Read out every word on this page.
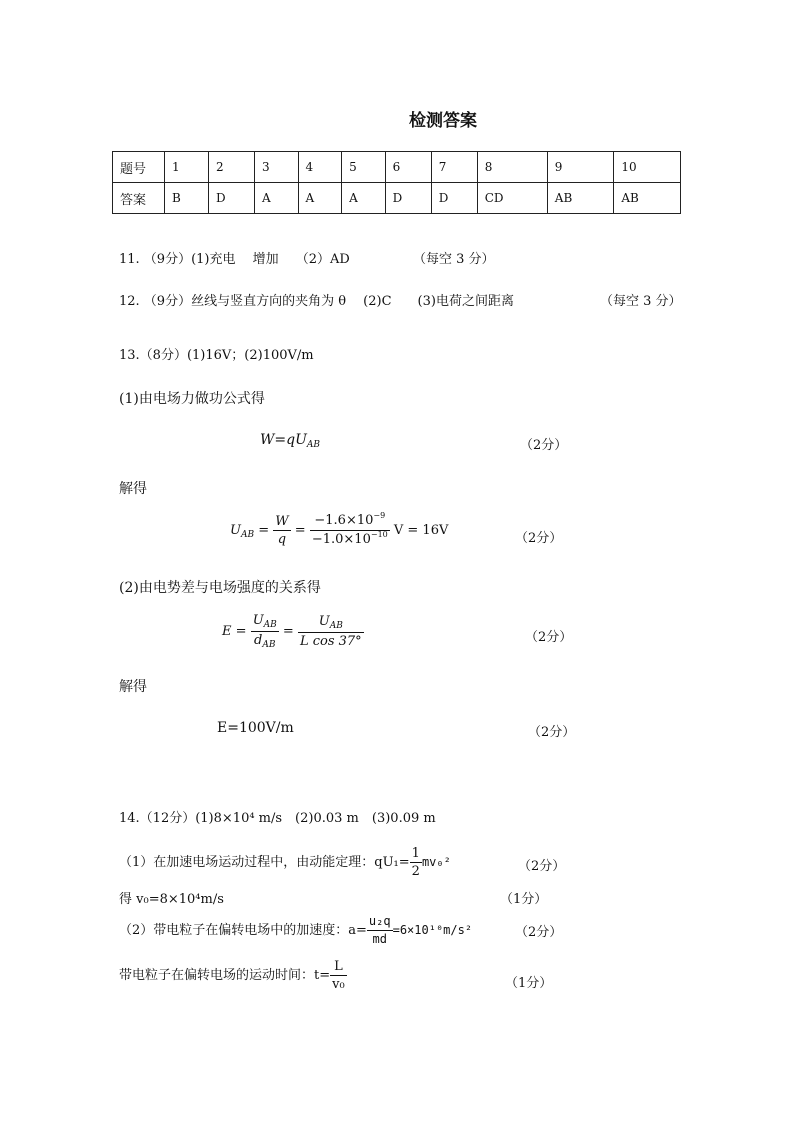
检测答案
题号	1	2	3	4	5	6	7	8	9	10
答案	B	D	A	A	A	D	D	CD	AB	AB
11. （9分）(1)充电　 增加　 （2）AD	（每空 3 分）
12. （9分）丝线与竖直方向的夹角为 θ　 (2)C　　(3)电荷之间距离	（每空 3 分）
13.（8分）(1)16V；(2)100V/m
(1)由电场力做功公式得
$W=qU_{AB}$	（2分）
解得
$U_{AB} = \frac{W}{q} = \frac{-1.6\times 10^{-9}}{-1.0\times 10^{-10}}$ V = 16V
（2分）
(2)由电势差与电场强度的关系得
$E = \frac{U_{AB}}{d_{AB}} = \frac{U_{AB}}{\text{L cos 37°}}$	（2分）
解得
E=100V/m	（2分）
14.（12分）(1)8×10⁴ m/s　(2)0.03 m　(3)0.09 m
（1）在加速电场运动过程中，由动能定理：$qU_1= \frac{1}{2} mv_0^2$	（2分）
得 v₀=8×10⁴m/s	（1分）
（2）带电粒子在偏转电场中的加速度：$a= \frac{\text{u₂q}}{md} =6\times 10^{10}m/s^2$	（2分）
带电粒子在偏转电场的运动时间：$t= \frac{L}{\text{v₀}}$	（1分）
